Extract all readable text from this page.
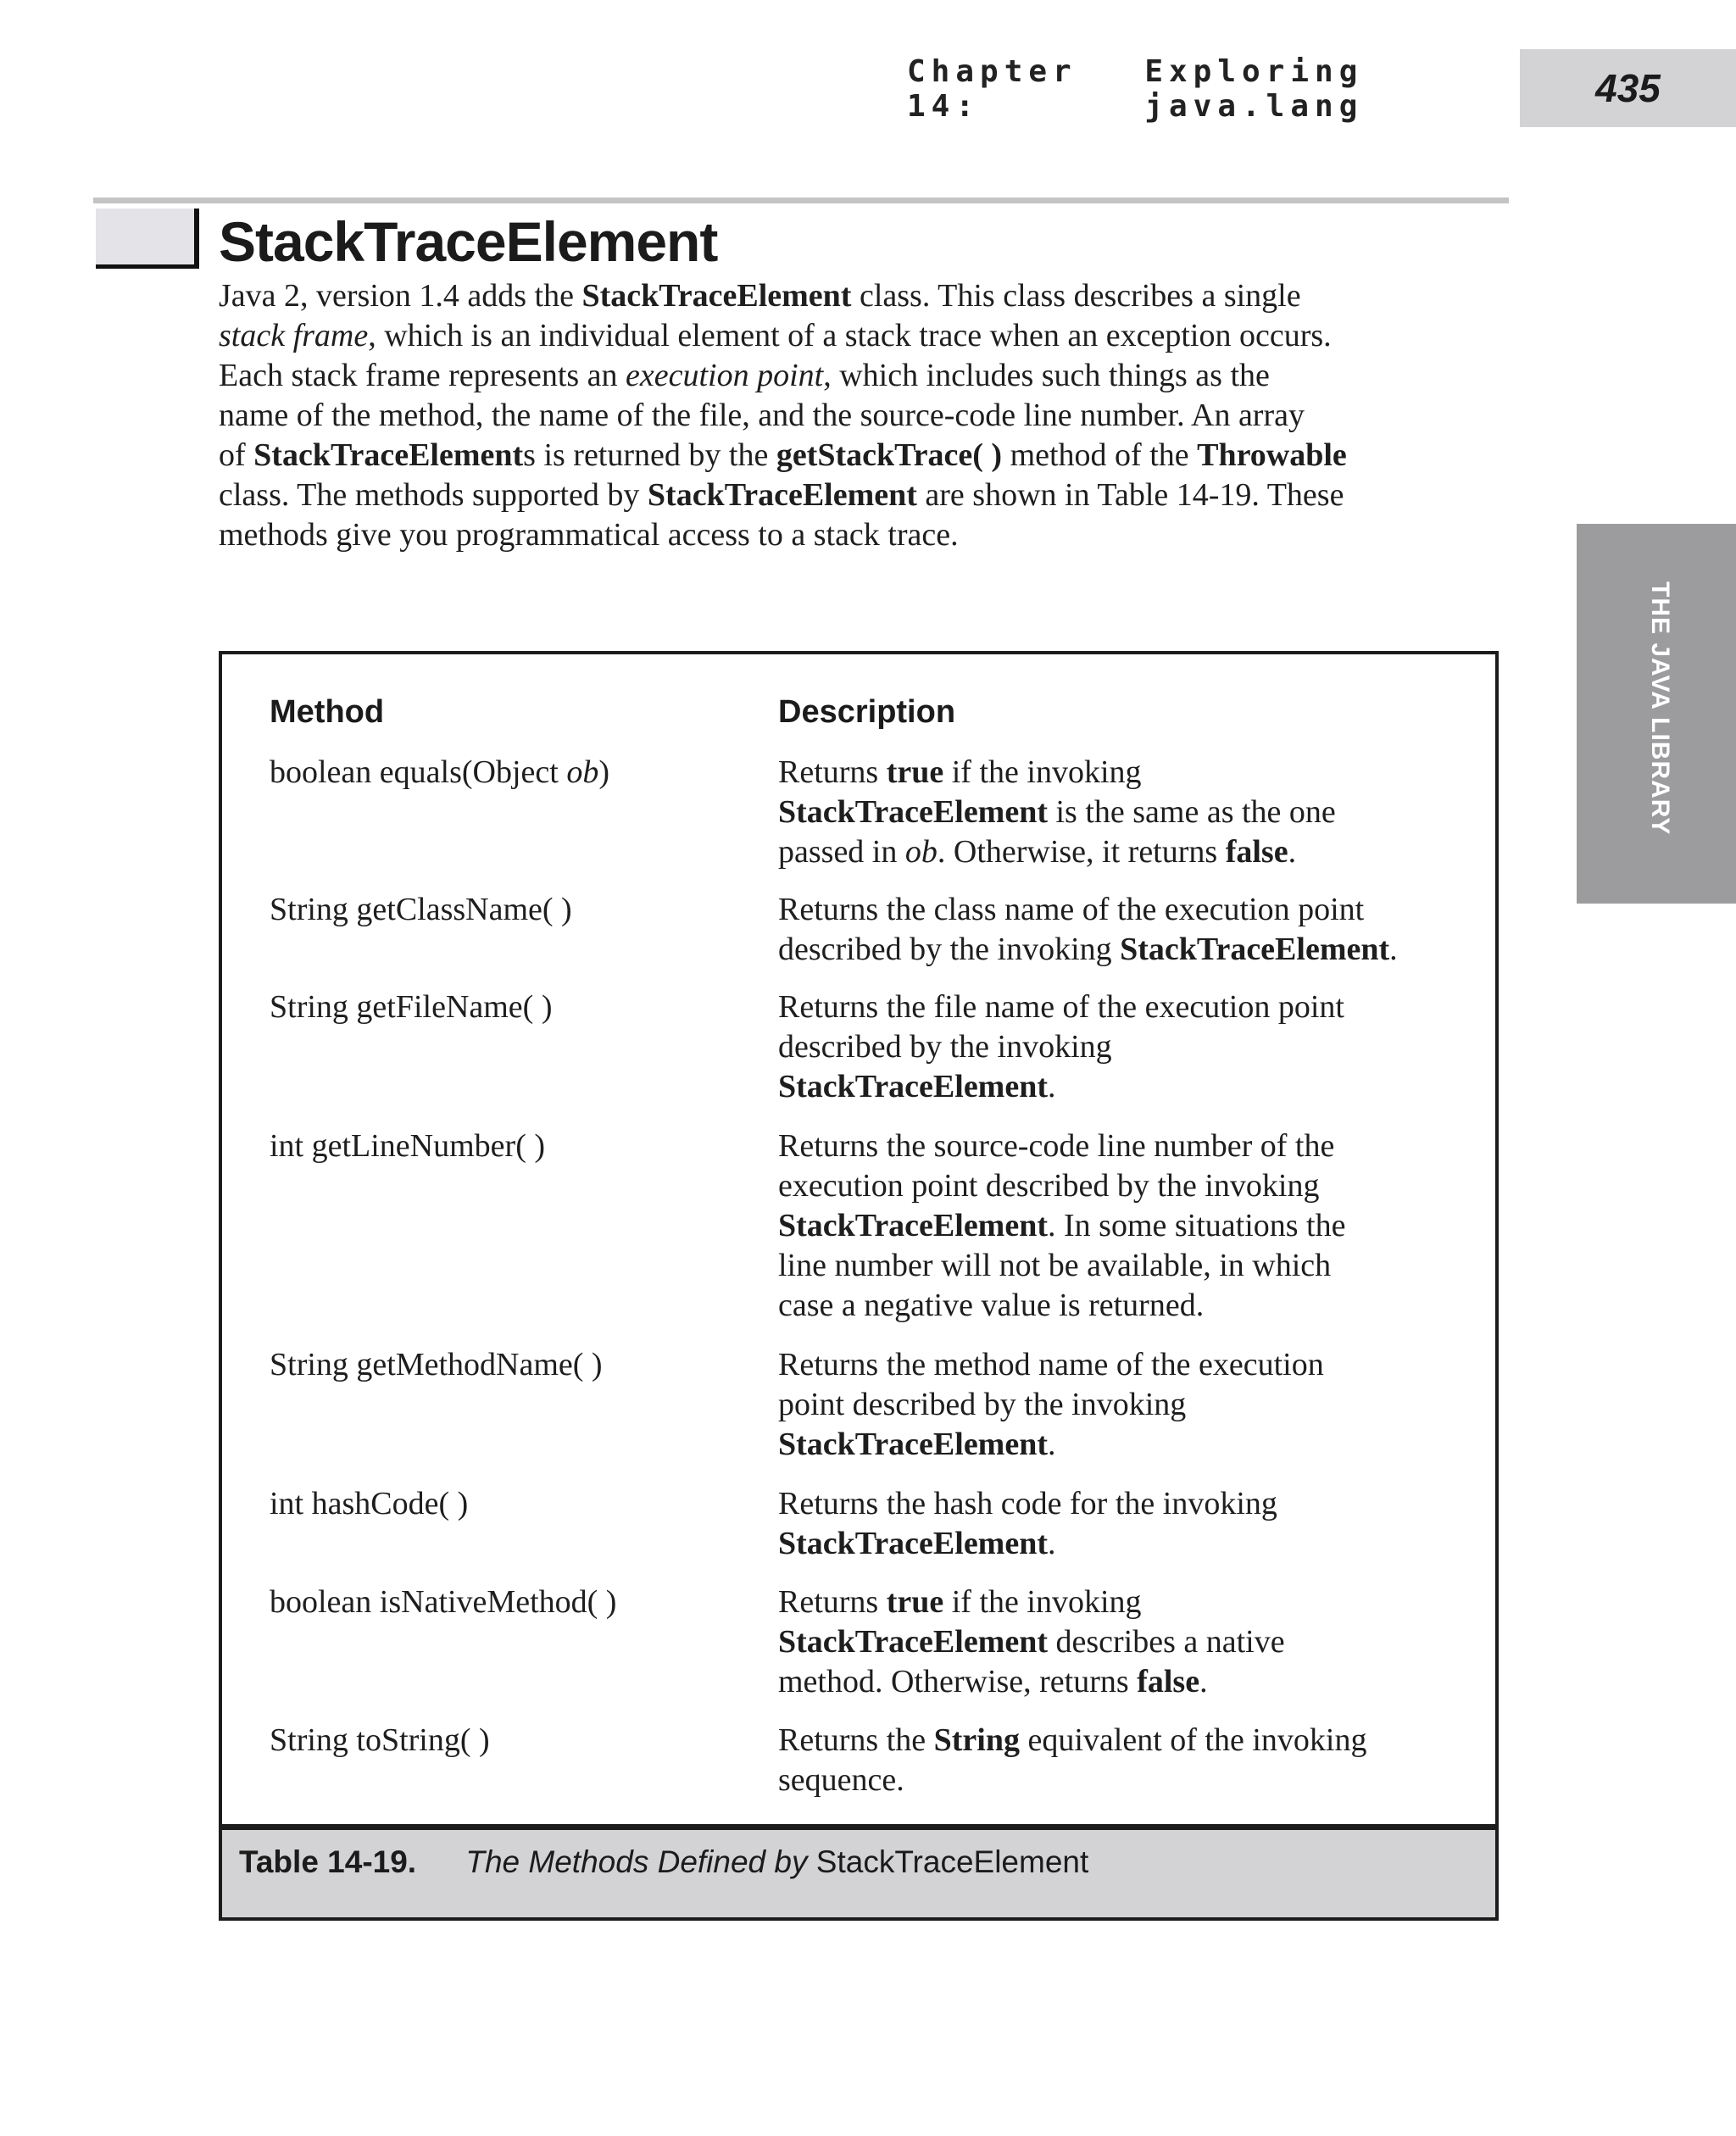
Chapter 14:
Exploring java.lang	435
THE JAVA LIBRARY
StackTraceElement
Java 2, version 1.4 adds the StackTraceElement class. This class describes a single
stack frame, which is an individual element of a stack trace when an exception occurs.
Each stack frame represents an execution point, which includes such things as the
name of the method, the name of the file, and the source-code line number. An array
of StackTraceElements is returned by the getStackTrace( ) method of the Throwable
class. The methods supported by StackTraceElement are shown in Table 14-19. These
methods give you programmatical access to a stack trace.
Method	Description
boolean equals(Object ob)	Returns true if the invoking
StackTraceElement is the same as the one
passed in ob. Otherwise, it returns false.
String getClassName( )	Returns the class name of the execution point
described by the invoking StackTraceElement.
String getFileName( )	Returns the file name of the execution point
described by the invoking
StackTraceElement.
int getLineNumber( )	Returns the source-code line number of the
execution point described by the invoking
StackTraceElement. In some situations the
line number will not be available, in which
case a negative value is returned.
String getMethodName( )	Returns the method name of the execution
point described by the invoking
StackTraceElement.
int hashCode( )	Returns the hash code for the invoking
StackTraceElement.
boolean isNativeMethod( )	Returns true if the invoking
StackTraceElement describes a native
method. Otherwise, returns false.
String toString( )	Returns the String equivalent of the invoking
sequence.
Table 14-19. The Methods Defined by StackTraceElement
